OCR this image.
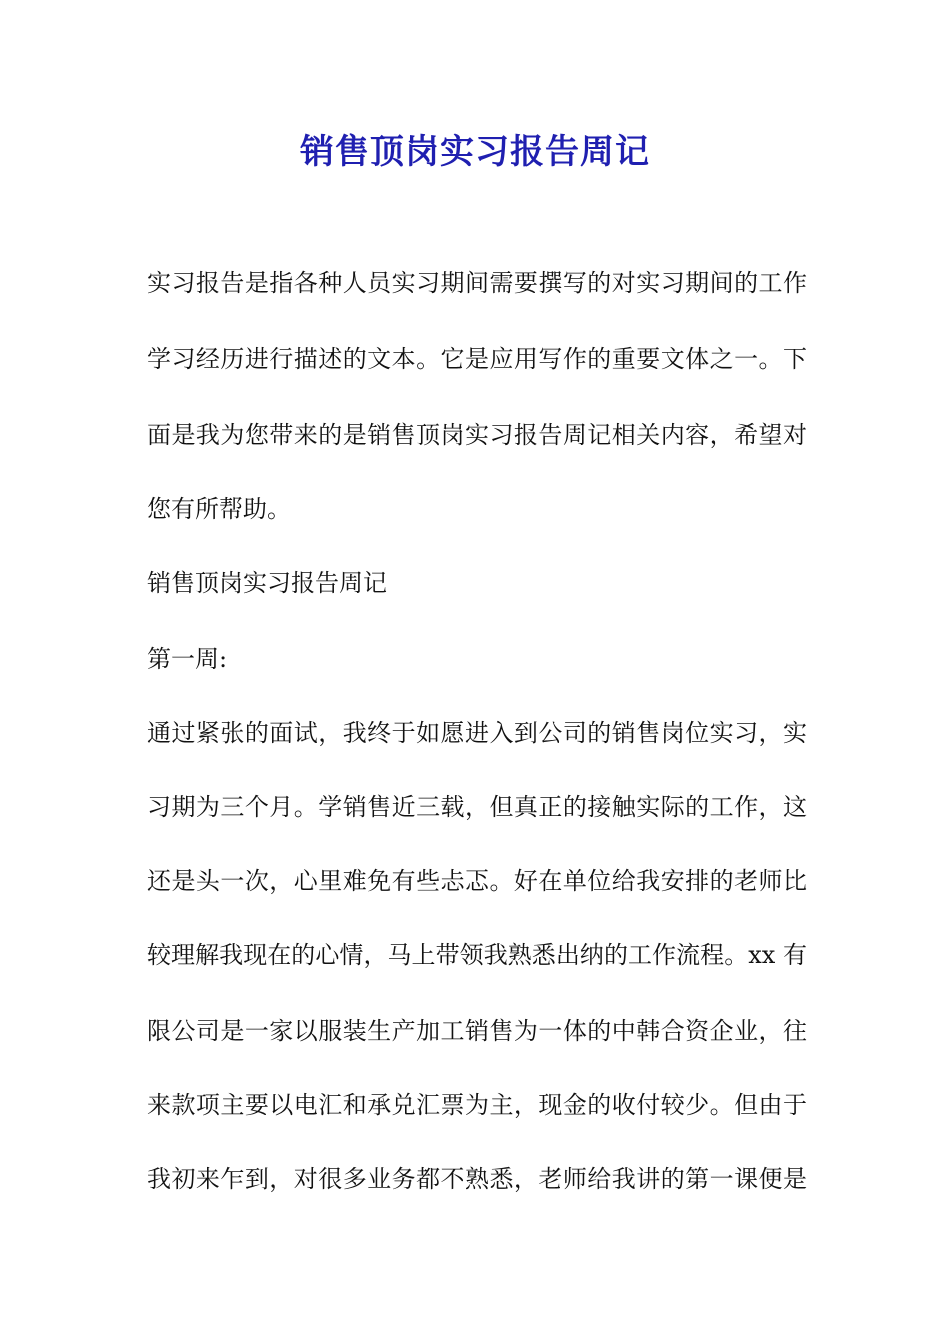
销售顶岗实习报告周记

实习报告是指各种人员实习期间需要撰写的对实习期间的工作

学习经历进行描述的文本。它是应用写作的重要文体之一。下

面是我为您带来的是销售顶岗实习报告周记相关内容，希望对

您有所帮助。

销售顶岗实习报告周记

第一周:

通过紧张的面试，我终于如愿进入到公司的销售岗位实习，实

习期为三个月。学销售近三载，但真正的接触实际的工作，这

还是头一次，心里难免有些忐忑。好在单位给我安排的老师比

较理解我现在的心情，马上带领我熟悉出纳的工作流程。xx 有

限公司是一家以服装生产加工销售为一体的中韩合资企业，往

来款项主要以电汇和承兑汇票为主，现金的收付较少。但由于

我初来乍到，对很多业务都不熟悉，老师给我讲的第一课便是
